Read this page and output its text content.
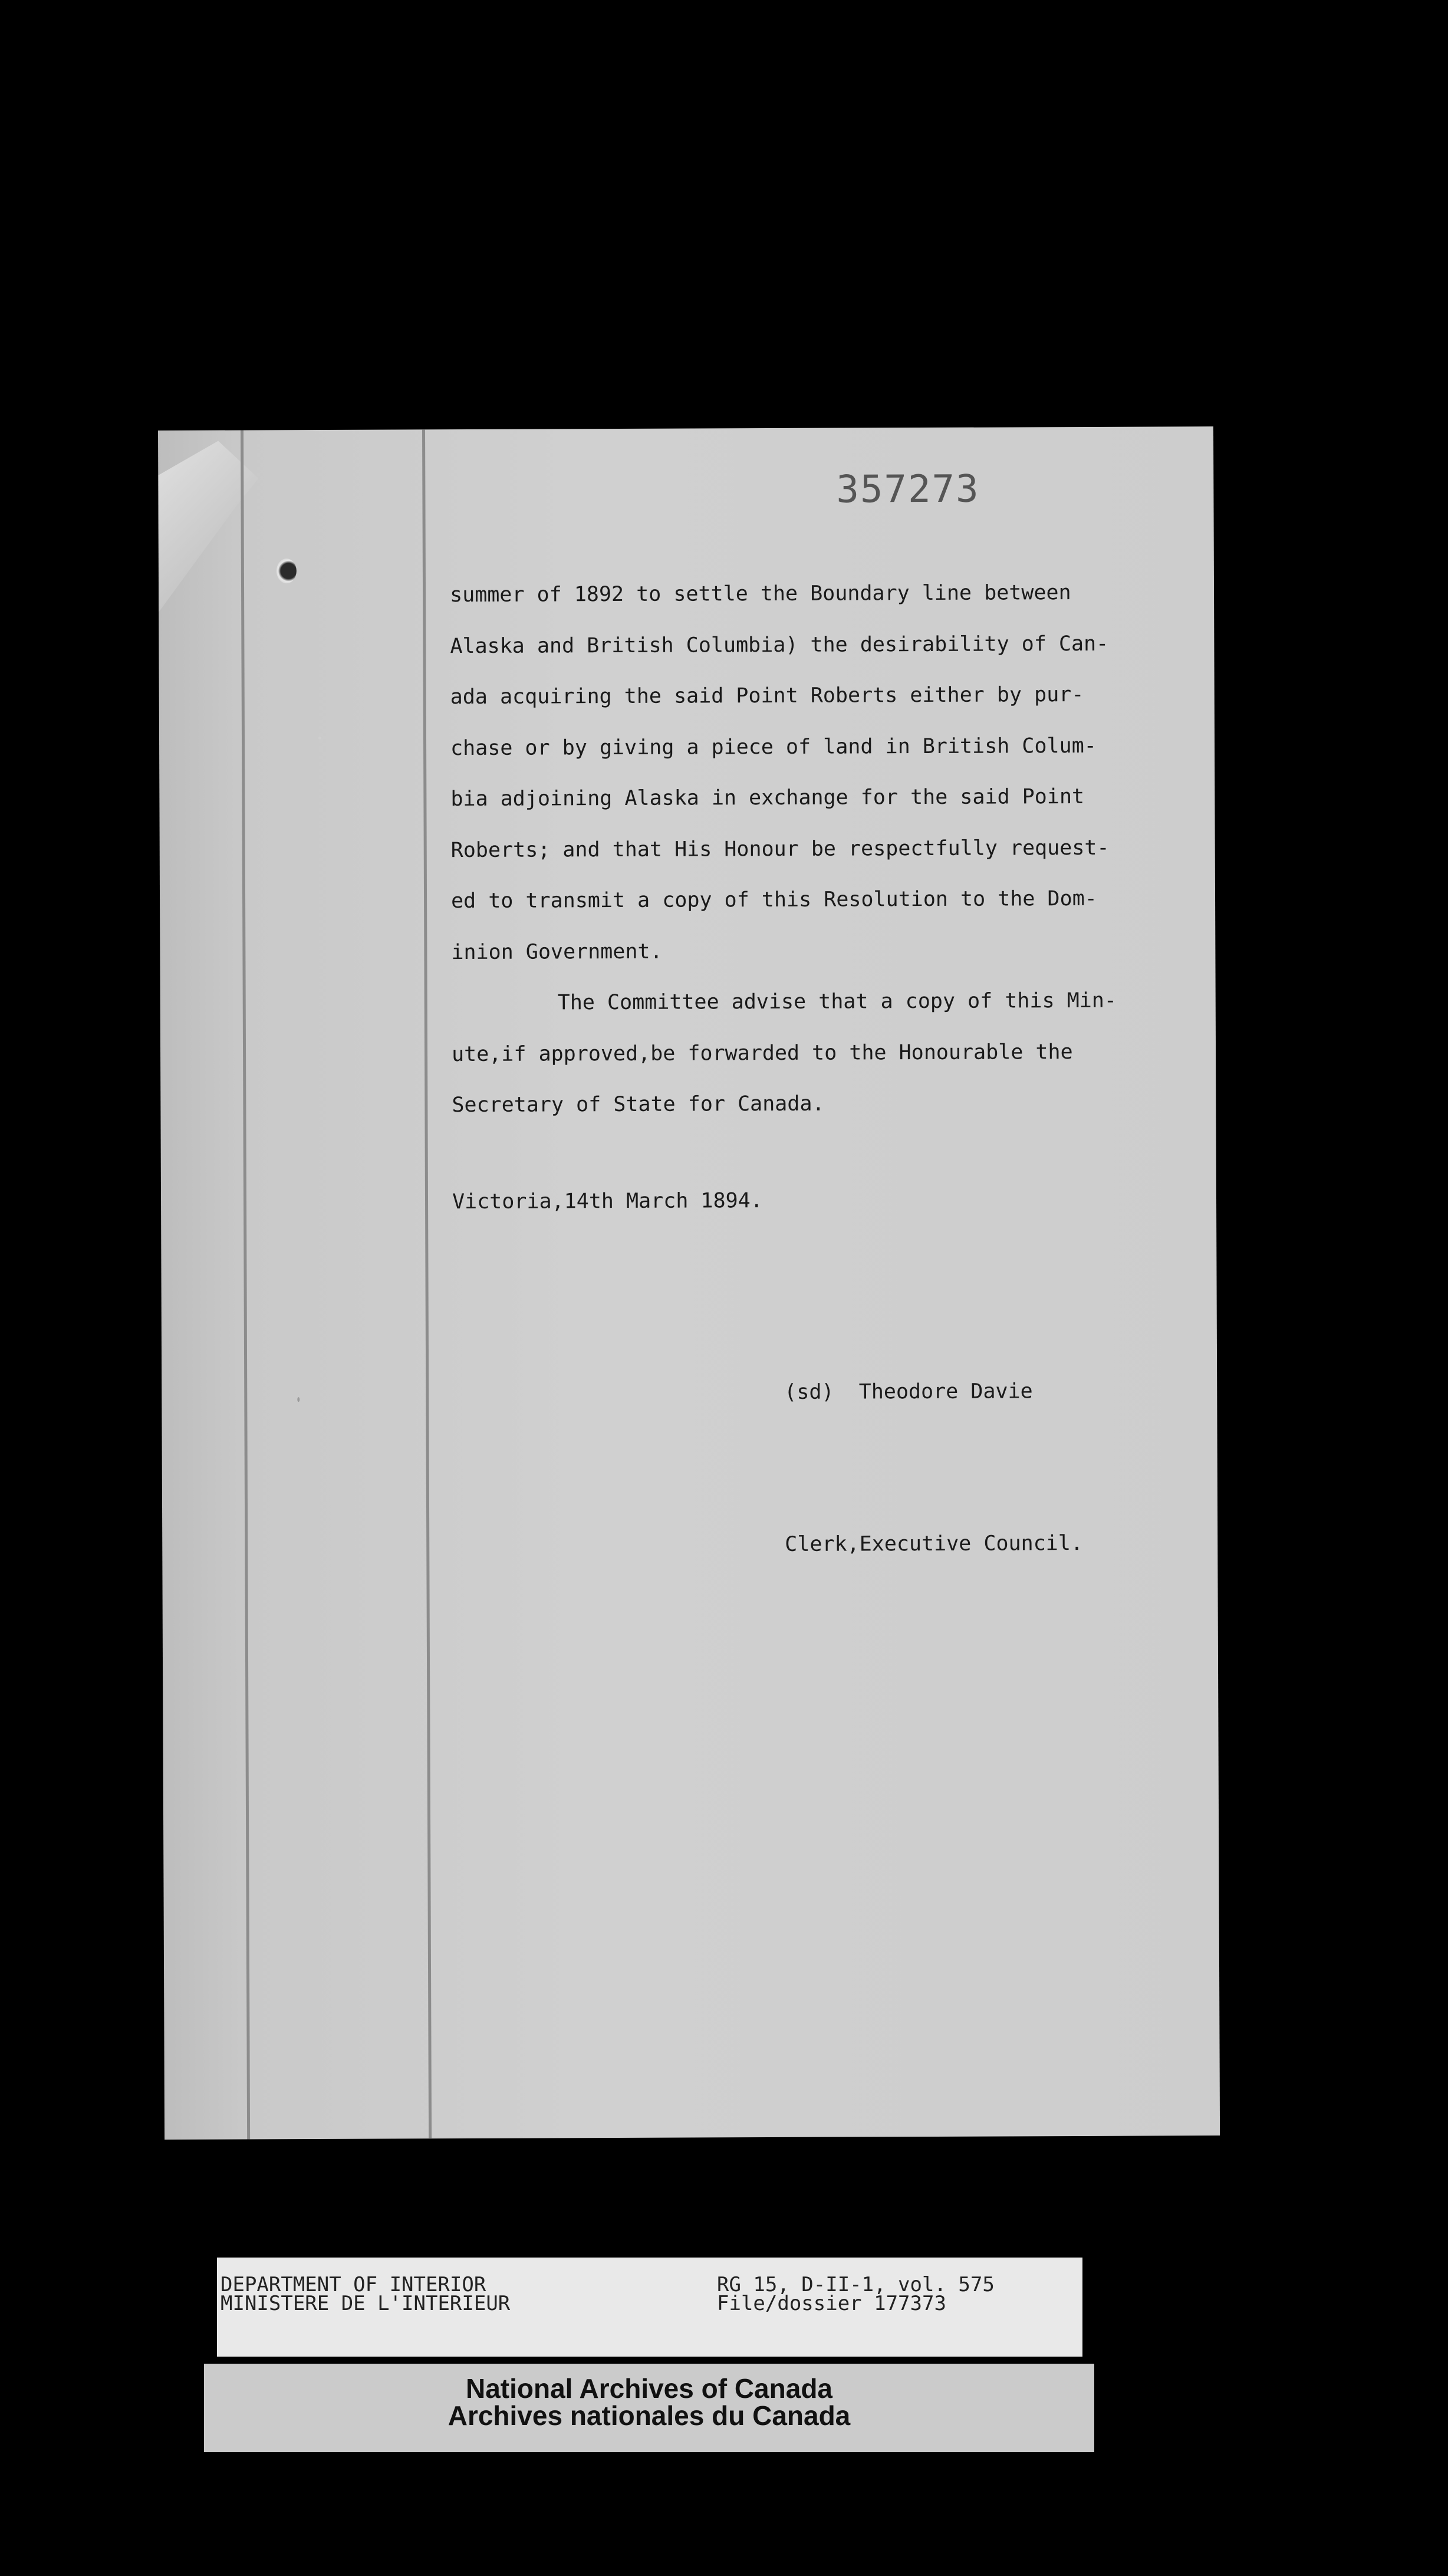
357273
summer of 1892 to settle the Boundary line between
Alaska and British Columbia) the desirability of Can-
ada acquiring the said Point Roberts either by pur-
chase or by giving a piece of land in British Colum-
bia adjoining Alaska in exchange for the said Point
Roberts; and that His Honour be respectfully request-
ed to transmit a copy of this Resolution to the Dom-
inion Government.
The Committee advise that a copy of this Min-
ute,if approved,be forwarded to the Honourable the
Secretary of State for Canada.
Victoria,14th March 1894.

(sd)  Theodore Davie

Clerk,Executive Council.

DEPARTMENT OF INTERIOR
MINISTERE DE L'INTERIEUR
RG 15, D-II-1, vol. 575
File/dossier 177373
National Archives of Canada
Archives nationales du Canada
